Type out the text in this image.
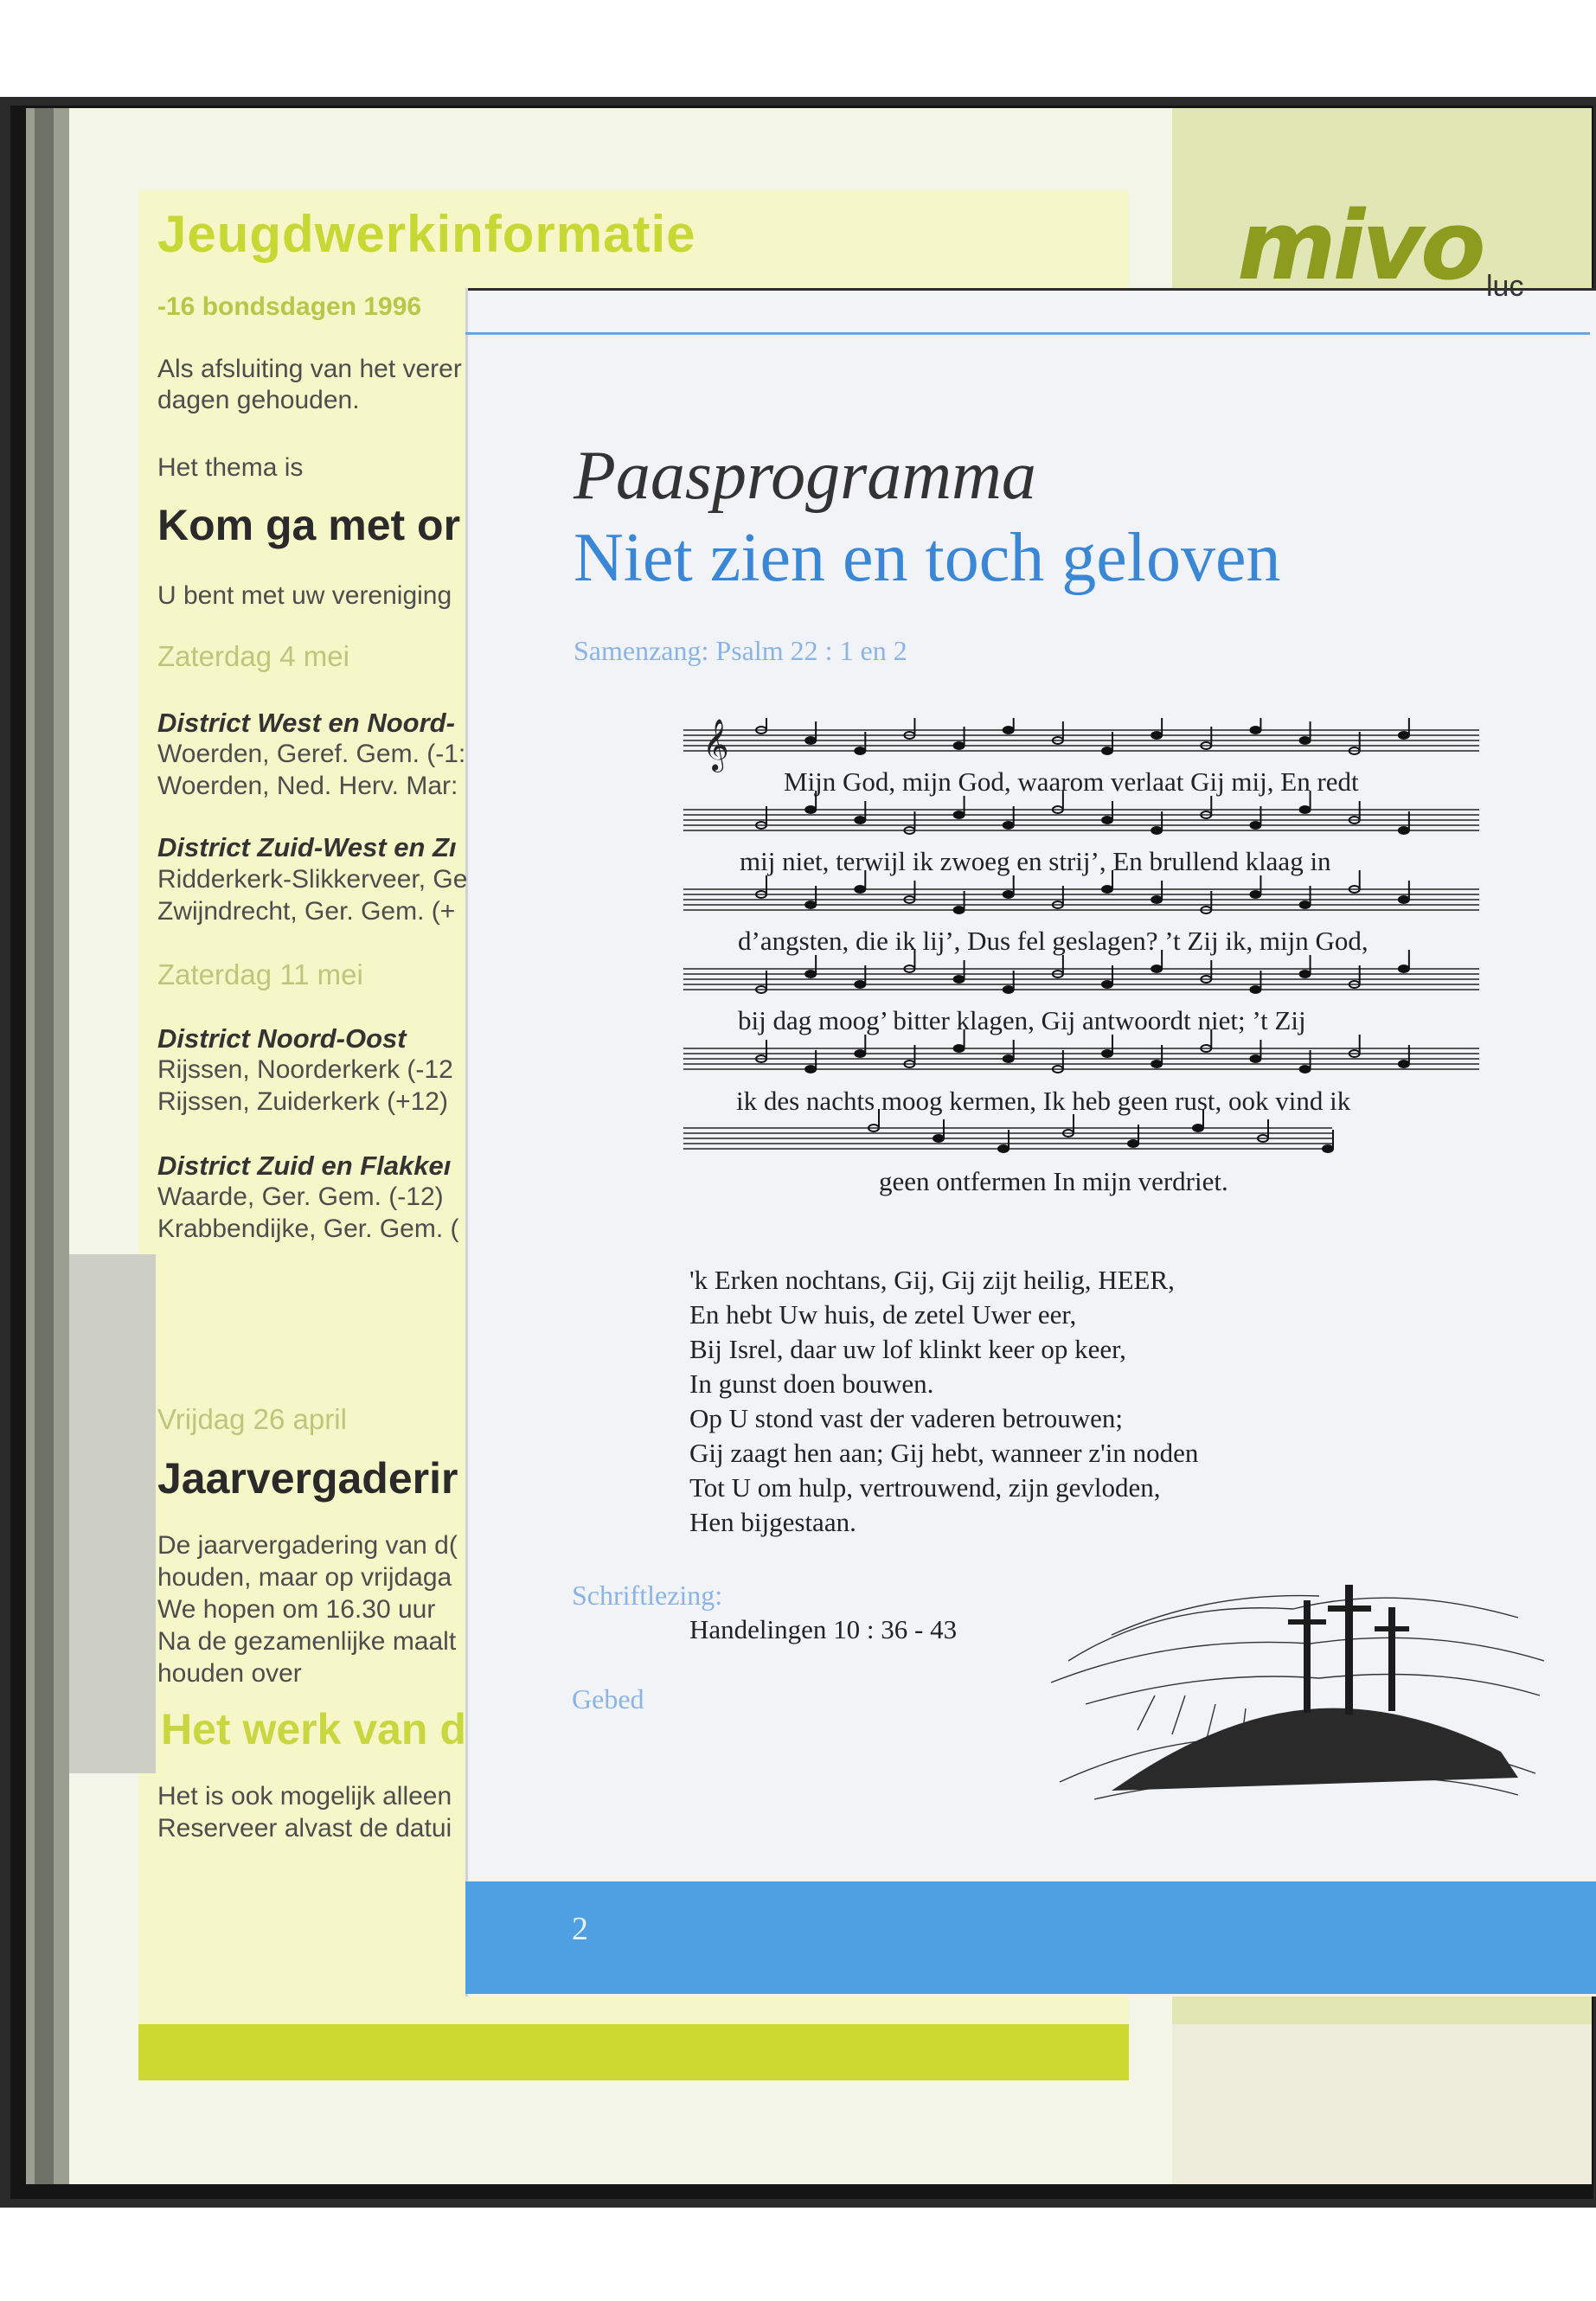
Jeugdwerkinformatie
-16 bondsdagen 1996
Als afsluiting van het verer
dagen gehouden.
Het thema is
Kom ga met or
U bent met uw vereniging
Zaterdag 4 mei
District West en Noord-
Woerden, Geref. Gem. (-1:
Woerden, Ned. Herv. Mar:
District Zuid-West en Zı
Ridderkerk-Slikkerveer, Ge
Zwijndrecht, Ger. Gem. (+
Zaterdag 11 mei
District Noord-Oost
Rijssen, Noorderkerk (-12
Rijssen, Zuiderkerk (+12)
District Zuid en Flakkeı
Waarde, Ger. Gem. (-12)
Krabbendijke, Ger. Gem. (
Vrijdag 26 april
Jaarvergaderir
De jaarvergadering van d(
houden, maar op vrijdaga
We hopen om 16.30 uur
Na de gezamenlijke maalt
houden over
Het werk van d
Het is ook mogelijk alleen
Reserveer alvast de datui
mivo luc
Paasprogramma
Niet zien en toch geloven
Samenzang: Psalm 22 : 1 en 2
𝄞
Mijn God, mijn God, waarom verlaat Gij mij, En redt
mij niet, terwijl ik zwoeg en strij’, En brullend klaag in
d’angsten, die ik lij’, Dus fel geslagen? ’t Zij ik, mijn God,
bij dag moog’ bitter klagen, Gij antwoordt niet; ’t Zij
ik des nachts moog kermen, Ik heb geen rust, ook vind ik
geen ontfermen In mijn verdriet.
'k Erken nochtans, Gij, Gij zijt heilig, HEER,
En hebt Uw huis, de zetel Uwer eer,
Bij Isrel, daar uw lof klinkt keer op keer,
In gunst doen bouwen.
Op U stond vast der vaderen betrouwen;
Gij zaagt hen aan; Gij hebt, wanneer z'in noden
Tot U om hulp, vertrouwend, zijn gevloden,
Hen bijgestaan.
Schriftlezing:
Handelingen 10 : 36 - 43
Gebed
2
